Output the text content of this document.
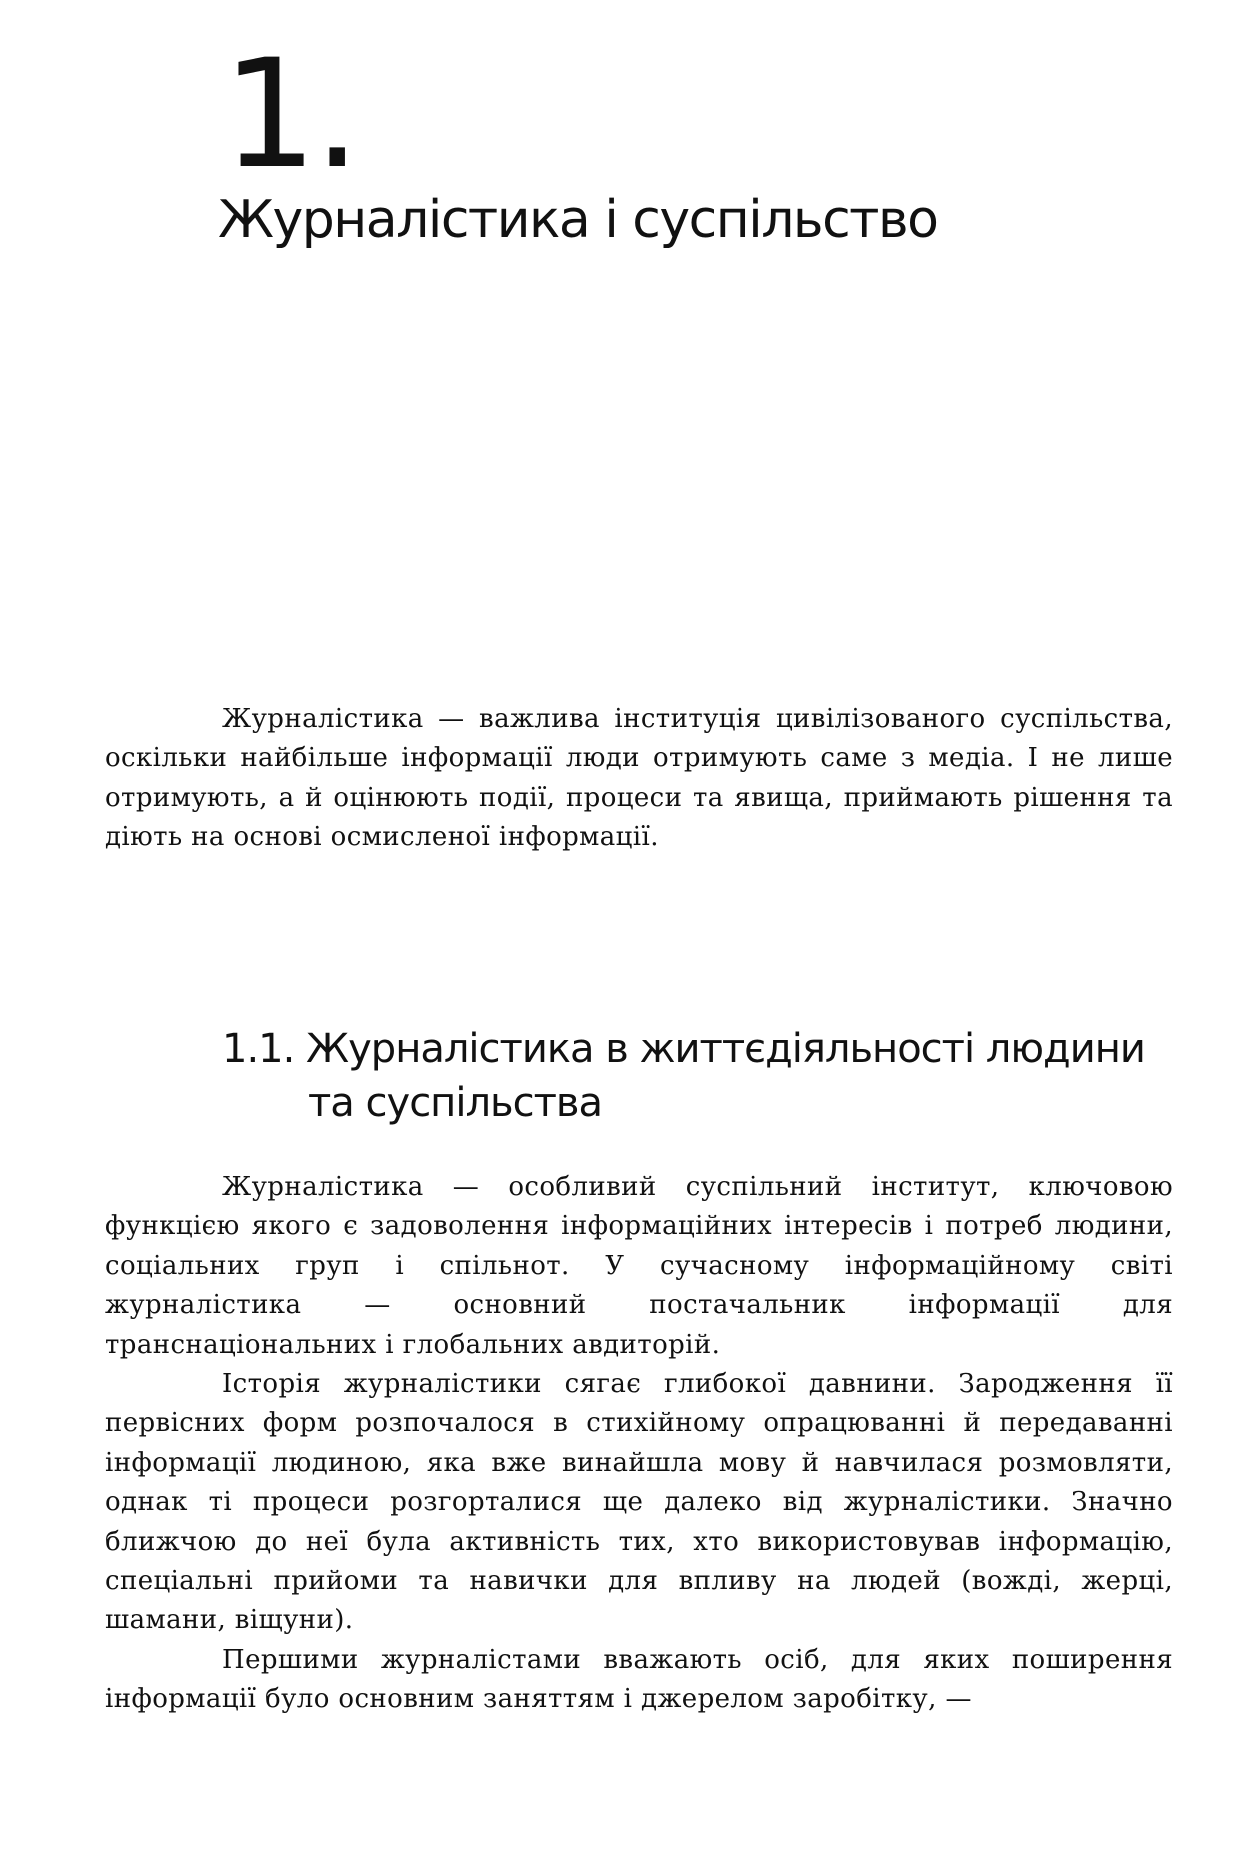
1.
Журналістика і суспільство

Журналістика — важлива інституція цивілізованого суспільства, оскільки найбільше інформації люди отримують саме з медіа. І не лише отримують, а й оцінюють події, процеси та явища, приймають рішення та діють на основі осмисленої інформації.

1.1. Журналістика в життєдіяльності людини
та суспільства

Журналістика — особливий суспільний інститут, ключовою функцією якого є задоволення інформаційних інтересів і потреб людини, соціальних груп і спільнот. У сучасному інформаційному світі журналістика — основний постачальник інформації для транснаціональних і глобальних авдиторій.

Історія журналістики сягає глибокої давнини. Зародження її первісних форм розпочалося в стихійному опрацюванні й передаванні інформації людиною, яка вже винайшла мову й навчилася розмовляти, однак ті процеси розгорталися ще далеко від журналістики. Значно ближчою до неї була активність тих, хто використовував інформацію, спеціальні прийоми та навички для впливу на людей (вожді, жерці, шамани, віщуни).

Першими журналістами вважають осіб, для яких поширення інформації було основним заняттям і джерелом заробітку, —
